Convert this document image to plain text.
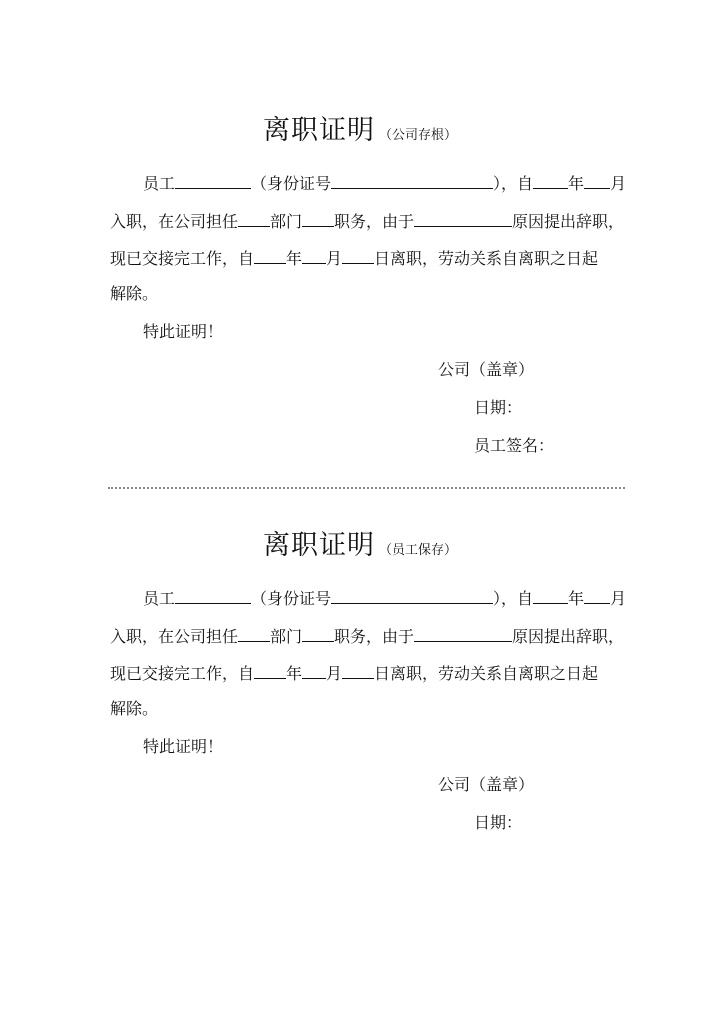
离职证明 （公司存根）
员工	（身份证号	），自 年 月
入职，在公司担任 部门 职务，由于	原因提出辞职，
现已交接完工作，自 年 月 日离职，劳动关系自离职之日起
解除。
特此证明！
公司（盖章）
日期：
员工签名：
离职证明 （员工保存）
员工	（身份证号	），自 年 月
入职，在公司担任 部门 职务，由于	原因提出辞职，
现已交接完工作，自 年 月 日离职，劳动关系自离职之日起
解除。
特此证明！
公司（盖章）
日期：
